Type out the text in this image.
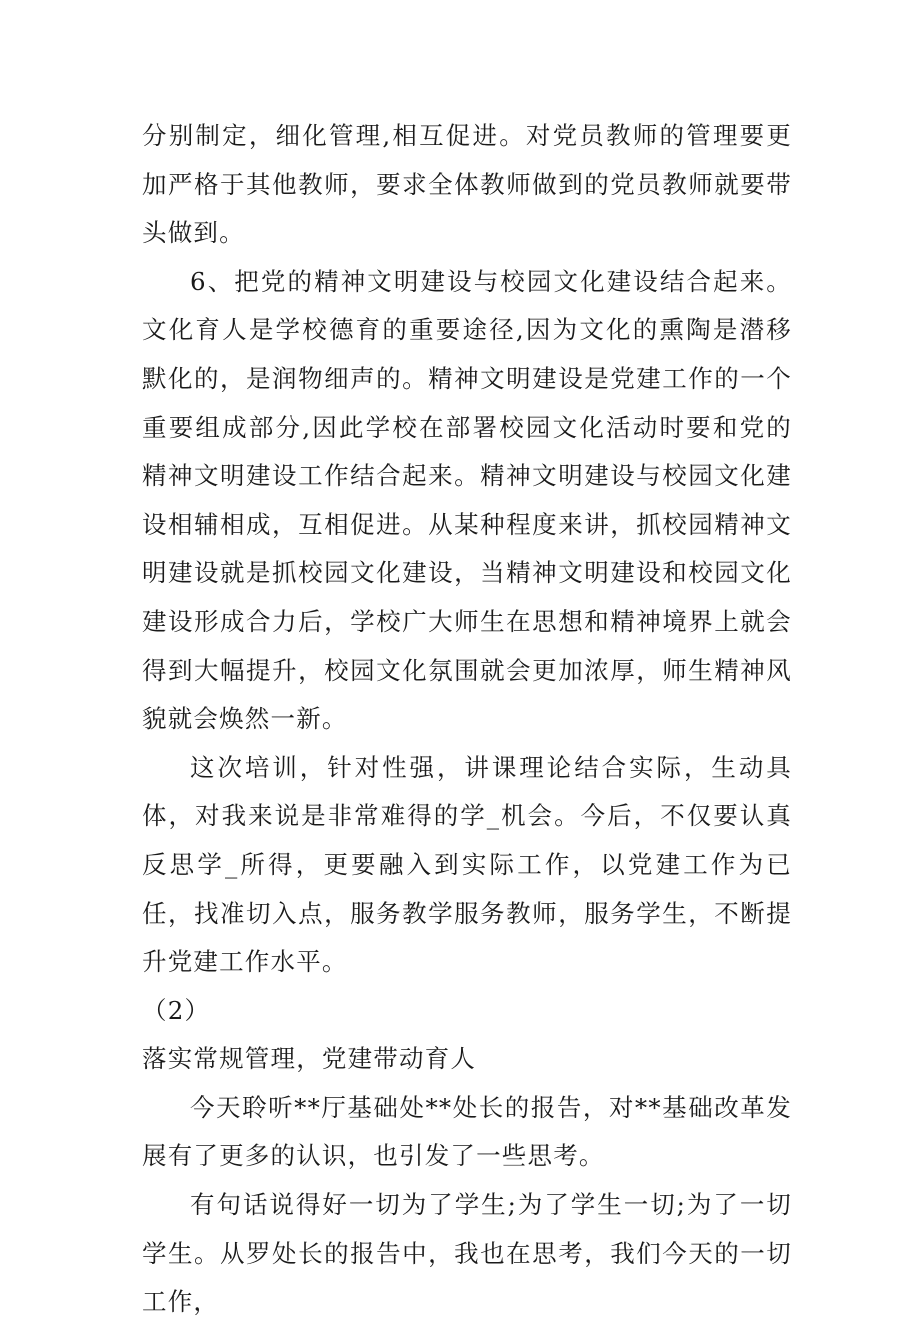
分别制定，细化管理,相互促进。对党员教师的管理要更加严格于其他教师，要求全体教师做到的党员教师就要带头做到。

6、把党的精神文明建设与校园文化建设结合起来。文化育人是学校德育的重要途径,因为文化的熏陶是潜移默化的，是润物细声的。精神文明建设是党建工作的一个重要组成部分,因此学校在部署校园文化活动时要和党的精神文明建设工作结合起来。精神文明建设与校园文化建设相辅相成，互相促进。从某种程度来讲，抓校园精神文明建设就是抓校园文化建设，当精神文明建设和校园文化建设形成合力后，学校广大师生在思想和精神境界上就会得到大幅提升，校园文化氛围就会更加浓厚，师生精神风貌就会焕然一新。

这次培训，针对性强，讲课理论结合实际，生动具体，对我来说是非常难得的学_机会。今后，不仅要认真反思学_所得，更要融入到实际工作，以党建工作为已任，找准切入点，服务教学服务教师，服务学生，不断提升党建工作水平。

（2）

落实常规管理，党建带动育人

今天聆听**厅基础处**处长的报告，对**基础改革发展有了更多的认识，也引发了一些思考。

有句话说得好一切为了学生;为了学生一切;为了一切学生。从罗处长的报告中，我也在思考，我们今天的一切工作，
